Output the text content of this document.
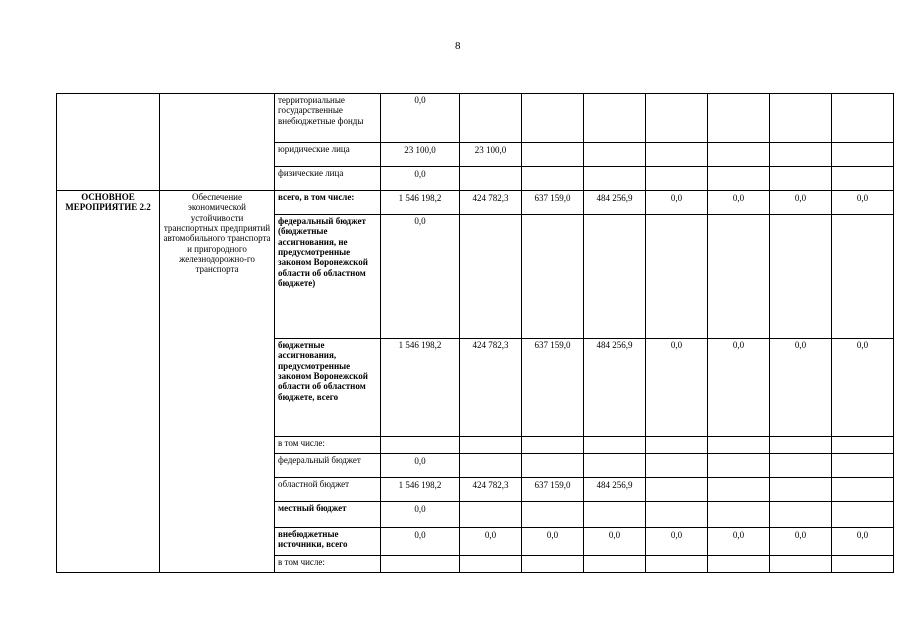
8
		территориальные государственные внебюджетные фонды	0,0							
		юридические лица	23 100,0	23 100,0						
		физические лица	0,0							
ОСНОВНОЕ МЕРОПРИЯТИЕ 2.2	Обеспечение экономической устойчивости транспортных предприятий автомобильного транспорта и пригородного железнодорожно-го транспорта	всего, в том числе:	1 546 198,2	424 782,3	637 159,0	484 256,9	0,0	0,0	0,0	0,0
		федеральный бюджет (бюджетные ассигнования, не предусмотренные законом Воронежской области об областном бюджете)	0,0							
		бюджетные ассигнования, предусмотренные законом Воронежской области об областном бюджете, всего	1 546 198,2	424 782,3	637 159,0	484 256,9	0,0	0,0	0,0	0,0
		в том числе:								
		федеральный бюджет	0,0							
		областной бюджет	1 546 198,2	424 782,3	637 159,0	484 256,9				
		местный бюджет	0,0							
		внебюджетные источники, всего	0,0	0,0	0,0	0,0	0,0	0,0	0,0	0,0
		в том числе:								
